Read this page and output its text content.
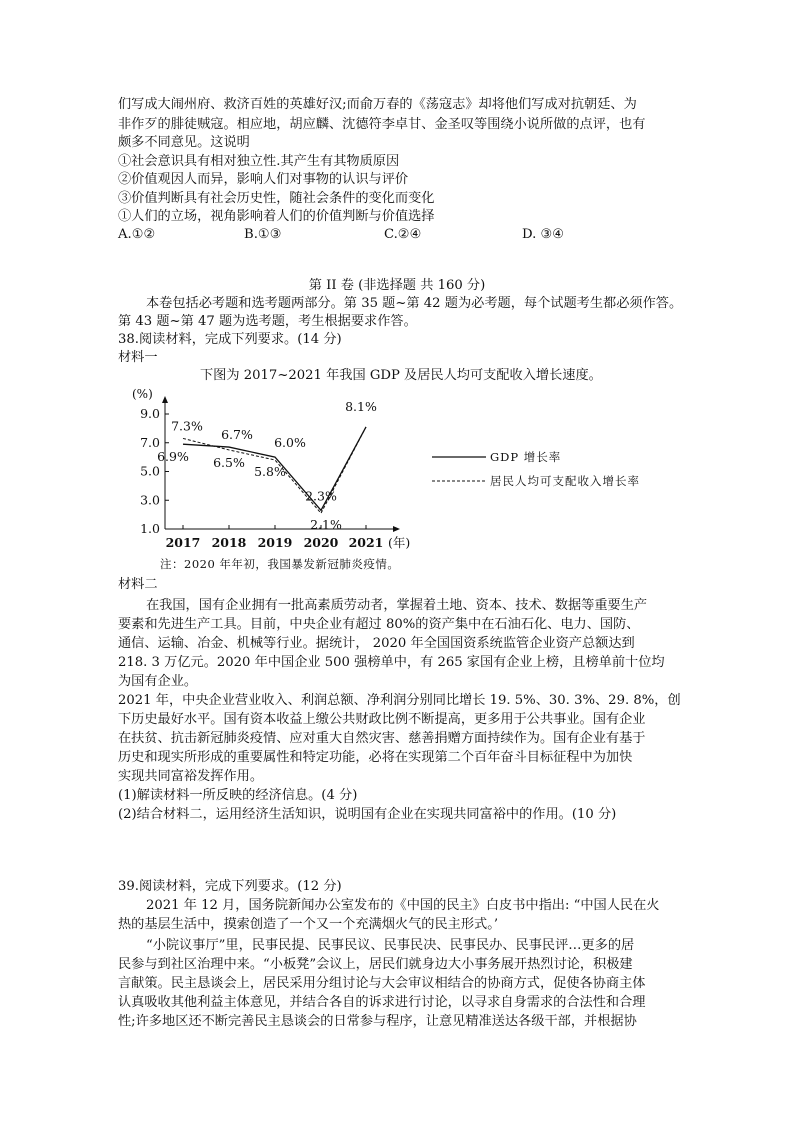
们写成大闹州府、救济百姓的英雄好汉;而俞万春的《荡寇志》却将他们写成对抗朝廷、为
非作歹的腓徒贼寇。相应地，胡应麟、沈德符李卓甘、金圣叹等围绕小说所做的点评，也有
颇多不同意见。这说明
①社会意识具有相对独立性.其产生有其物质原因
②价值观因人而异，影响人们对事物的认识与评价
③价值判断具有社会历史性，随社会条件的变化而变化
①人们的立场，视角影响着人们的价值判断与价值选择
A.①②	B.①③	C.②④	D. ③④
第 II 卷 (非选择题 共 160 分)
本卷包括必考题和选考题两部分。第 35 题~第 42 题为必考题，每个试题考生都必须作答。
第 43 题~第 47 题为选考题，考生根据要求作答。
38.阅读材料，完成下列要求。(14 分)
材料一
下图为 2017~2021 年我国 GDP 及居民人均可支配收入增长速度。
(%)
1.0
3.0
5.0
7.0
9.0
2017 2018 2019 2020 2021 (年)
6.9%
6.7%
6.0%
2.3%
8.1%
7.3%
6.5%
5.8%
2.1%
GDP 增长率
居民人均可支配收入增长率
注：2020 年年初，我国暴发新冠肺炎疫情。
材料二
在我国，国有企业拥有一批高素质劳动者，掌握着土地、资本、技术、数据等重要生产
要素和先进生产工具。目前，中央企业有超过 80%的资产集中在石油石化、电力、国防、
通信、运输、冶金、机械等行业。据统计， 2020 年全国国资系统监管企业资产总额达到
218. 3 万亿元。2020 年中国企业 500 强榜单中，有 265 家国有企业上榜，且榜单前十位均
为国有企业。
2021 年，中央企业营业收入、利润总额、净利润分别同比增长 19. 5%、30. 3%、29. 8%，创
下历史最好水平。国有资本收益上缴公共财政比例不断提高，更多用于公共事业。国有企业
在扶贫、抗击新冠肺炎疫情、应对重大自然灾害、慈善捐赠方面持续作为。国有企业有基于
历史和现实所形成的重要属性和特定功能，必将在实现第二个百年奋斗目标征程中为加快
实现共同富裕发挥作用。
(1)解读材料一所反映的经济信息。(4 分)
(2)结合材料二，运用经济生活知识，说明国有企业在实现共同富裕中的作用。(10 分)
39.阅读材料，完成下列要求。(12 分)
2021 年 12 月，国务院新闻办公室发布的《中国的民主》白皮书中指出: “中国人民在火
热的基层生活中，摸索创造了一个又一个充满烟火气的民主形式。’
“小院议事厅”里，民事民提、民事民议、民事民决、民事民办、民事民评…更多的居
民参与到社区治理中来。“小板凳”会议上，居民们就身边大小事务展开热烈讨论，积极建
言献策。民主恳谈会上，居民采用分组讨论与大会审议相结合的协商方式，促使各协商主体
认真吸收其他利益主体意见，并结合各自的诉求进行讨论，以寻求自身需求的合法性和合理
性;许多地区还不断完善民主恳谈会的日常参与程序，让意见精准送达各级干部，并根据协
